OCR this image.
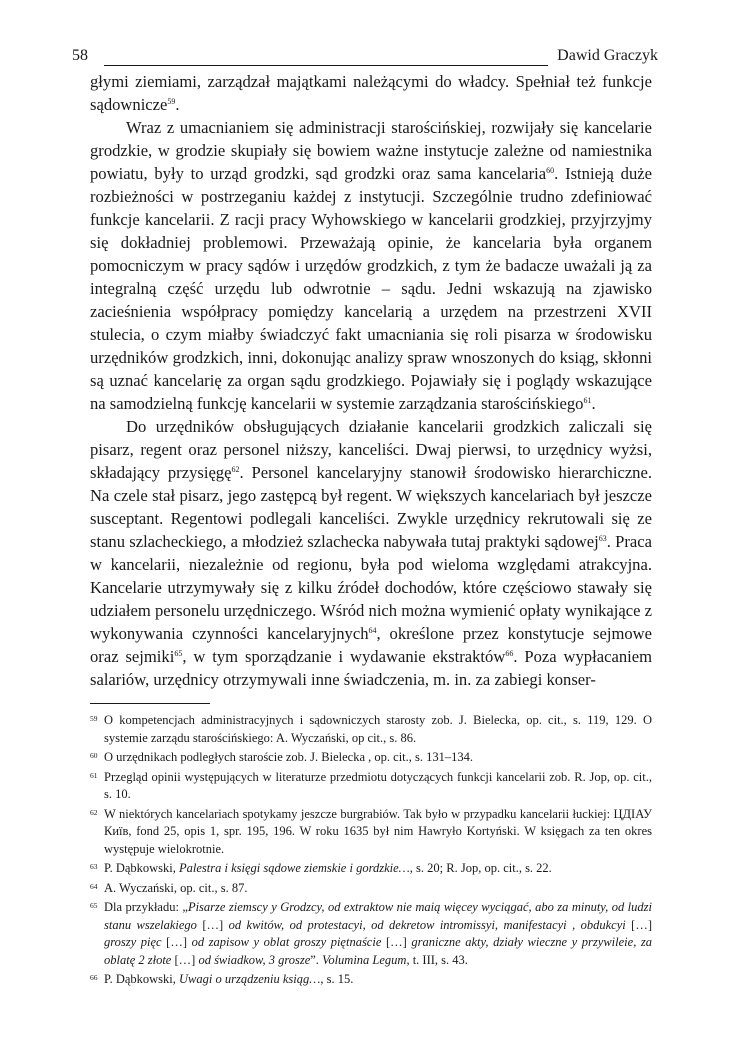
58	Dawid Graczyk

głymi ziemiami, zarządzał majątkami należącymi do władcy. Spełniał też funkcje sądownicze$^{59}$.

Wraz z umacnianiem się administracji starościńskiej, rozwijały się kancelarie grodzkie, w grodzie skupiały się bowiem ważne instytucje zależne od namiestnika powiatu, były to urząd grodzki, sąd grodzki oraz sama kancelaria$^{60}$. Istnieją duże rozbieżności w postrzeganiu każdej z instytucji. Szczególnie trudno zdefiniować funkcje kancelarii. Z racji pracy Wyhowskiego w kancelarii grodzkiej, przyjrzyjmy się dokładniej problemowi. Przeważają opinie, że kancelaria była organem pomocniczym w pracy sądów i urzędów grodzkich, z tym że badacze uważali ją za integralną część urzędu lub odwrotnie – sądu. Jedni wskazują na zjawisko zacieśnienia współpracy pomiędzy kancelarią a urzędem na przestrzeni XVII stulecia, o czym miałby świadczyć fakt umacniania się roli pisarza w środowisku urzędników grodzkich, inni, dokonując analizy spraw wnoszonych do ksiąg, skłonni są uznać kancelarię za organ sądu grodzkiego. Pojawiały się i poglądy wskazujące na samodzielną funkcję kancelarii w systemie zarządzania starościńskiego$^{61}$.

Do urzędników obsługujących działanie kancelarii grodzkich zaliczali się pisarz, regent oraz personel niższy, kanceliści. Dwaj pierwsi, to urzędnicy wyżsi, składający przysięgę$^{62}$. Personel kancelaryjny stanowił środowisko hierarchiczne. Na czele stał pisarz, jego zastępcą był regent. W większych kancelariach był jeszcze susceptant. Regentowi podlegali kanceliści. Zwykle urzędnicy rekrutowali się ze stanu szlacheckiego, a młodzież szlachecka nabywała tutaj praktyki sądowej$^{63}$. Praca w kancelarii, niezależnie od regionu, była pod wieloma względami atrakcyjna. Kancelarie utrzymywały się z kilku źródeł dochodów, które częściowo stawały się udziałem personelu urzędniczego. Wśród nich można wymienić opłaty wynikające z wykonywania czynności kancelaryjnych$^{64}$, określone przez konstytucje sejmowe oraz sejmiki$^{65}$, w tym sporządzanie i wydawanie ekstraktów$^{66}$. Poza wypłacaniem salariów, urzędnicy otrzymywali inne świadczenia, m. in. za zabiegi konser-

59 O kompetencjach administracyjnych i sądowniczych starosty zob. J. Bielecka, op. cit., s. 119, 129. O systemie zarządu starościńskiego: A. Wyczański, op cit., s. 86.
60 O urzędnikach podległych staroście zob. J. Bielecka , op. cit., s. 131–134.
61 Przegląd opinii występujących w literaturze przedmiotu dotyczących funkcji kancelarii zob. R. Jop, op. cit., s. 10.
62 W niektórych kancelariach spotykamy jeszcze burgrabiów. Tak było w przypadku kancelarii łuckiej: ЦДІАУ Київ, fond 25, opis 1, spr. 195, 196. W roku 1635 był nim Hawryło Kortyński. W księgach za ten okres występuje wielokrotnie.
63 P. Dąbkowski, Palestra i księgi sądowe ziemskie i gordzkie…, s. 20; R. Jop, op. cit., s. 22.
64 A. Wyczański, op. cit., s. 87.
65 Dla przykładu: „Pisarze ziemscy y Grodzcy, od extraktow nie maią więcey wyciągać, abo za minuty, od ludzi stanu wszelakiego […] od kwitów, od protestacyi, od dekretow intromissyi, manifestacyi , obdukcyi […] groszy pięc […] od zapisow y oblat groszy piętnaście […] graniczne akty, działy wieczne y przywileie, za oblatę 2 złote […] od świadkow, 3 grosze”. Volumina Legum, t. III, s. 43.
66 P. Dąbkowski, Uwagi o urządzeniu ksiąg…, s. 15.
